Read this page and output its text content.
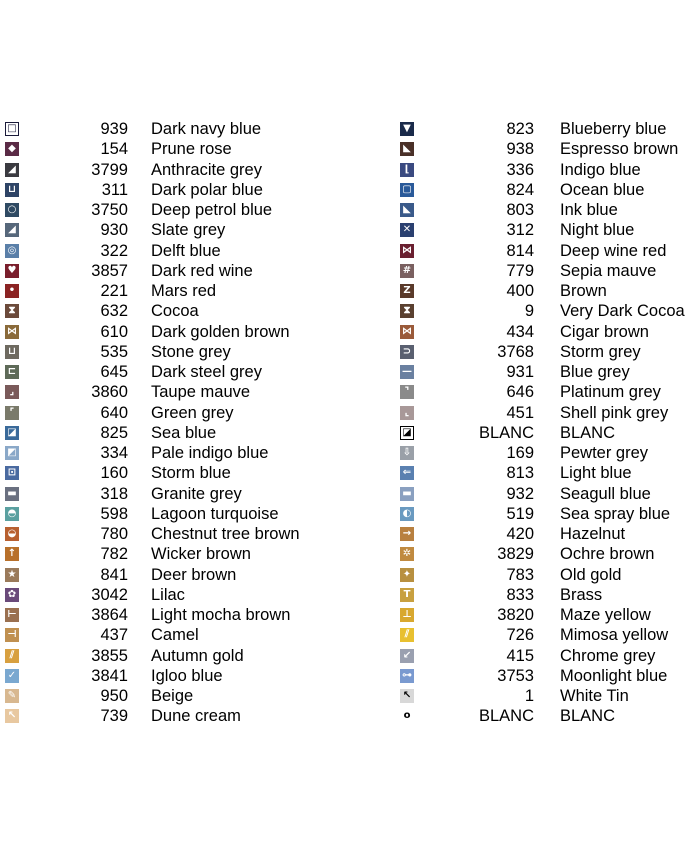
□	939 Dark navy blue
◆	154 Prune rose
◢	3799 Anthracite grey
⊔	311 Dark polar blue
○	3750 Deep petrol blue
◢	930 Slate grey
◎	322 Delft blue
♥	3857 Dark red wine
•	221 Mars red
⧗	632 Cocoa
⋈	610 Dark golden brown
⊔	535 Stone grey
⊏	645 Dark steel grey
⌟	3860 Taupe mauve
⌜	640 Green grey
◪	825 Sea blue
◩	334 Pale indigo blue
⊡	160 Storm blue
▬	318 Granite grey
◓	598 Lagoon turquoise
◒	780 Chestnut tree brown
↑	782 Wicker brown
★	841 Deer brown
✿	3042 Lilac
⊢	3864 Light mocha brown
⊣	437 Camel
⫽	3855 Autumn gold
✓	3841 Igloo blue
✎	950 Beige
↖	739 Dune cream
▼	823 Blueberry blue
◣	938 Espresso brown
⌊	336 Indigo blue
▢	824 Ocean blue
◣	803 Ink blue
✕	312 Night blue
⋈	814 Deep wine red
#	779 Sepia mauve
Z	400 Brown
⧗	9 Very Dark Cocoa
⋈	434 Cigar brown
⊃	3768 Storm grey
—	931 Blue grey
⌝	646 Platinum grey
⌞	451 Shell pink grey
◪	BLANC BLANC
⇩	169 Pewter grey
⇐	813 Light blue
▬	932 Seagull blue
◐	519 Sea spray blue
→	420 Hazelnut
✲	3829 Ochre brown
✦	783 Old gold
T	833 Brass
⊥	3820 Maze yellow
⫽	726 Mimosa yellow
↙	415 Chrome grey
⊶	3753 Moonlight blue
↖	1 White Tin
o	BLANC BLANC
